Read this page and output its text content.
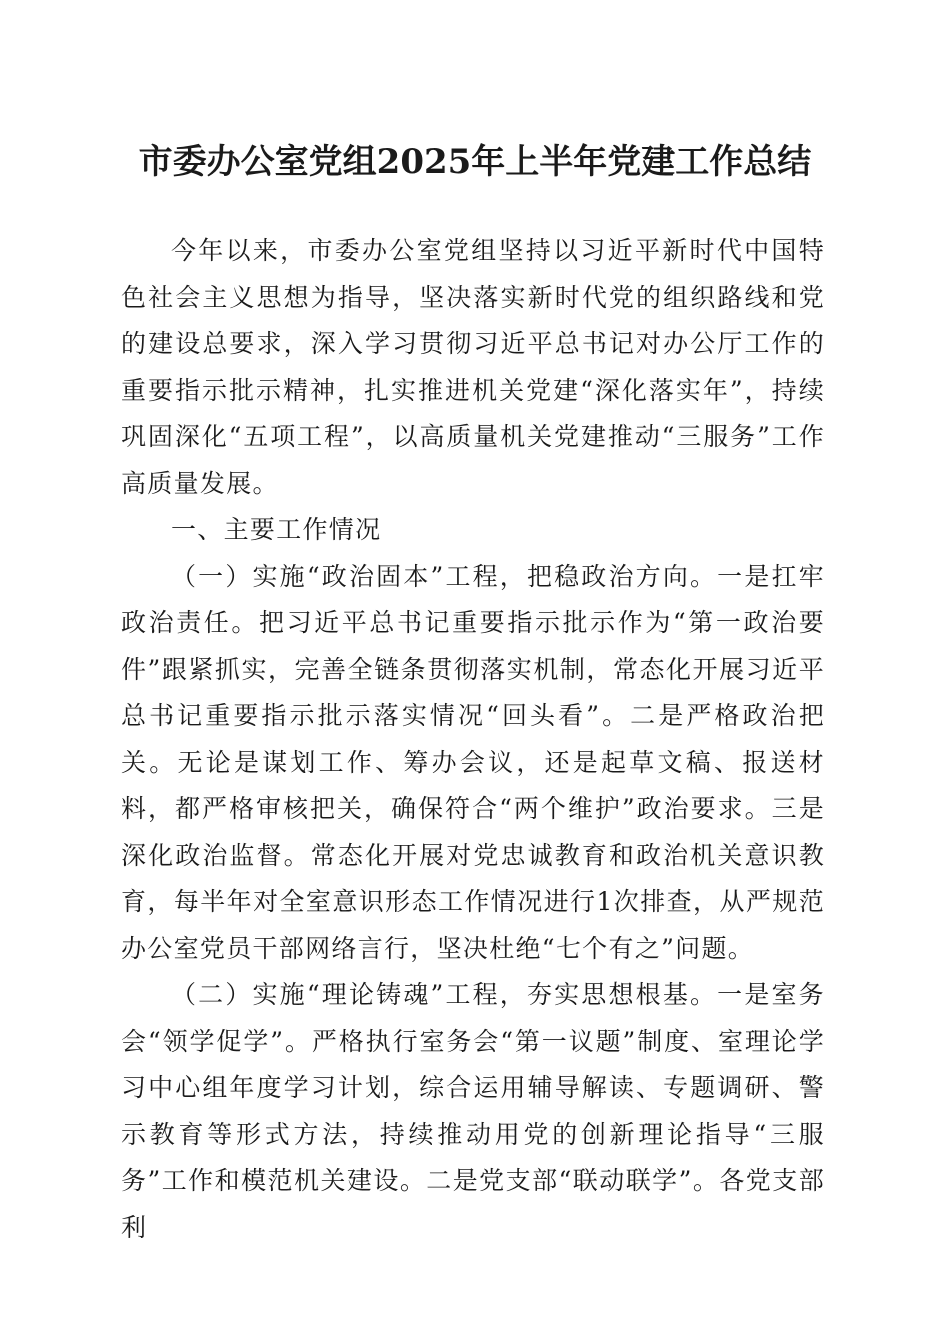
市委办公室党组2025年上半年党建工作总结

今年以来，市委办公室党组坚持以习近平新时代中国特色社会主义思想为指导，坚决落实新时代党的组织路线和党的建设总要求，深入学习贯彻习近平总书记对办公厅工作的重要指示批示精神，扎实推进机关党建“深化落实年”，持续巩固深化“五项工程”，以高质量机关党建推动“三服务”工作高质量发展。

一、主要工作情况

（一）实施“政治固本”工程，把稳政治方向。一是扛牢政治责任。把习近平总书记重要指示批示作为“第一政治要件”跟紧抓实，完善全链条贯彻落实机制，常态化开展习近平总书记重要指示批示落实情况“回头看”。二是严格政治把关。无论是谋划工作、筹办会议，还是起草文稿、报送材料，都严格审核把关，确保符合“两个维护”政治要求。三是深化政治监督。常态化开展对党忠诚教育和政治机关意识教育，每半年对全室意识形态工作情况进行1次排查，从严规范办公室党员干部网络言行，坚决杜绝“七个有之”问题。

（二）实施“理论铸魂”工程，夯实思想根基。一是室务会“领学促学”。严格执行室务会“第一议题”制度、室理论学习中心组年度学习计划，综合运用辅导解读、专题调研、警示教育等形式方法，持续推动用党的创新理论指导“三服务”工作和模范机关建设。二是党支部“联动联学”。各党支部利
